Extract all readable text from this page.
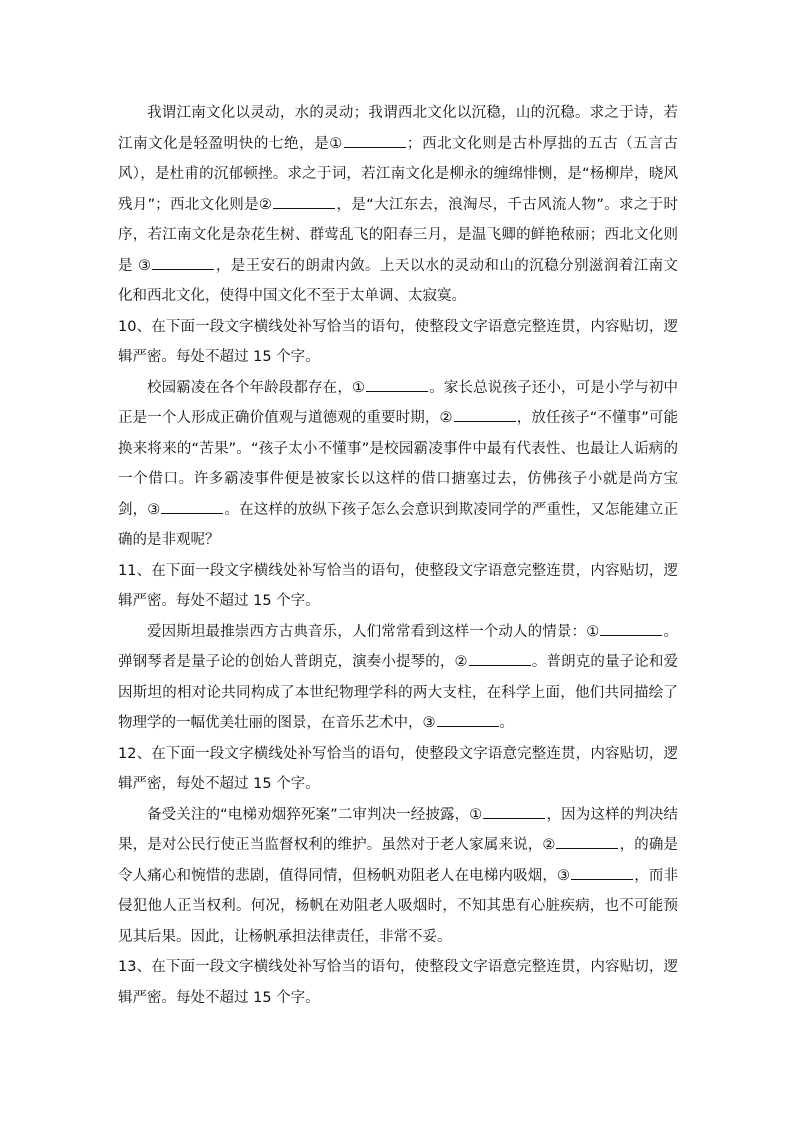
我谓江南文化以灵动，水的灵动；我谓西北文化以沉稳，山的沉稳。求之于诗，若江南文化是轻盈明快的七绝，是①	；西北文化则是古朴厚拙的五古（五言古风），是杜甫的沉郁顿挫。求之于词，若江南文化是柳永的缠绵悱恻，是“杨柳岸，晓风残月”；西北文化则是②	，是“大江东去，浪淘尽，千古风流人物”。求之于时序，若江南文化是杂花生树、群莺乱飞的阳春三月，是温飞卿的鲜艳秾丽；西北文化则是 ③	，是王安石的朗肃内敛。上天以水的灵动和山的沉稳分别滋润着江南文化和西北文化，使得中国文化不至于太单调、太寂寞。

10、在下面一段文字横线处补写恰当的语句，使整段文字语意完整连贯，内容贴切，逻辑严密。每处不超过 15 个字。

校园霸凌在各个年龄段都存在，①	。家长总说孩子还小，可是小学与初中正是一个人形成正确价值观与道德观的重要时期，②	，放任孩子“不懂事”可能换来将来的“苦果”。“孩子太小不懂事”是校园霸凌事件中最有代表性、也最让人诟病的一个借口。许多霸凌事件便是被家长以这样的借口搪塞过去，仿佛孩子小就是尚方宝剑，③	。在这样的放纵下孩子怎么会意识到欺凌同学的严重性，又怎能建立正确的是非观呢？

11、在下面一段文字横线处补写恰当的语句，使整段文字语意完整连贯，内容贴切，逻辑严密。每处不超过 15 个字。

爱因斯坦最推崇西方古典音乐，人们常常看到这样一个动人的情景：①	。弹钢琴者是量子论的创始人普朗克，演奏小提琴的，②	。普朗克的量子论和爱因斯坦的相对论共同构成了本世纪物理学科的两大支柱，在科学上面，他们共同描绘了物理学的一幅优美壮丽的图景，在音乐艺术中，③	。

12、在下面一段文字横线处补写恰当的语句，使整段文字语意完整连贯，内容贴切，逻辑严密，每处不超过 15 个字。

备受关注的“电梯劝烟猝死案”二审判决一经披露，①	，因为这样的判决结果，是对公民行使正当监督权利的维护。虽然对于老人家属来说，②	，的确是令人痛心和惋惜的悲剧，值得同情，但杨帆劝阻老人在电梯内吸烟，③	，而非侵犯他人正当权利。何况，杨帆在劝阻老人吸烟时，不知其患有心脏疾病，也不可能预见其后果。因此，让杨帆承担法律责任，非常不妥。

13、在下面一段文字横线处补写恰当的语句，使整段文字语意完整连贯，内容贴切，逻辑严密。每处不超过 15 个字。
